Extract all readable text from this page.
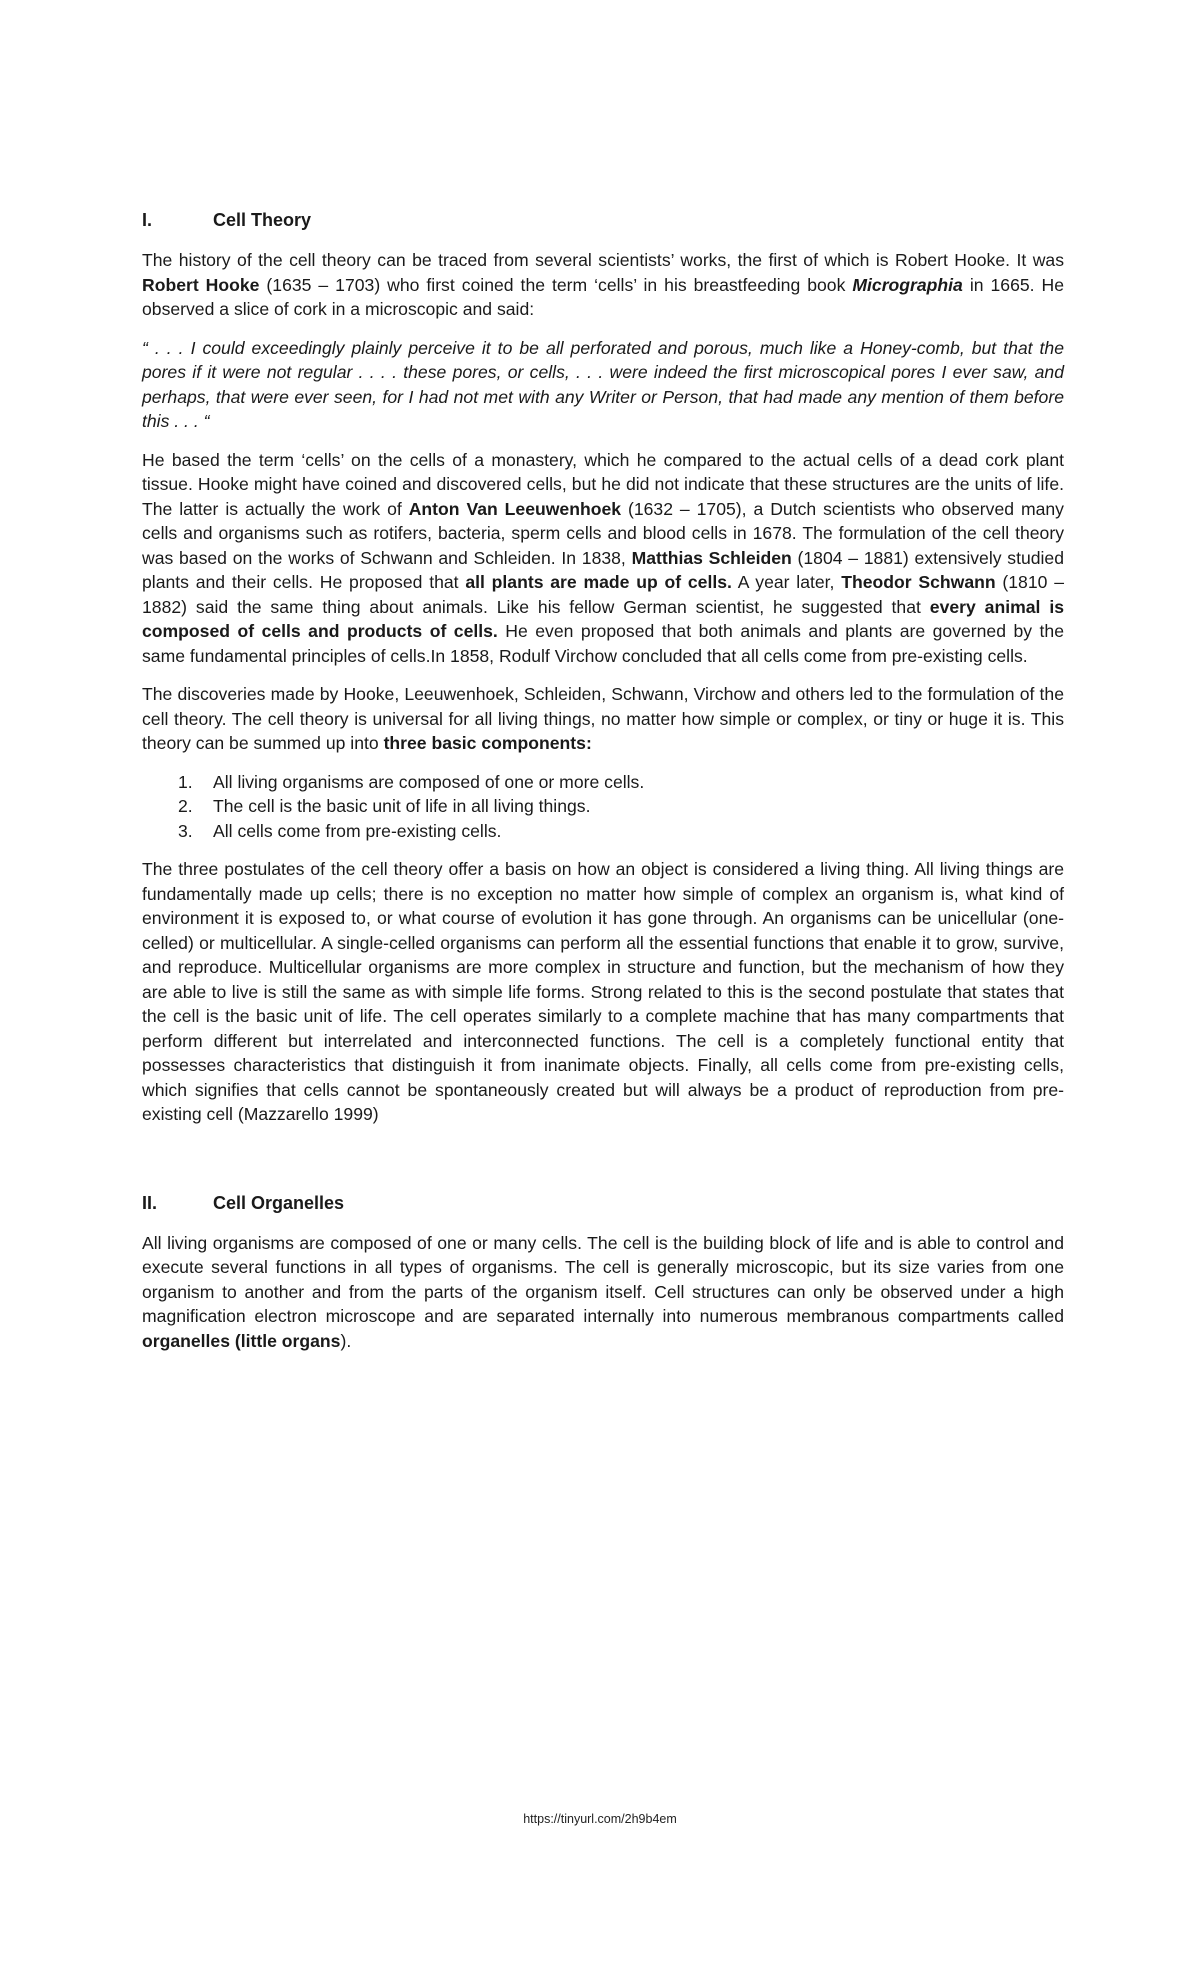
I.	Cell Theory

The history of the cell theory can be traced from several scientists’ works, the first of which is Robert Hooke. It was Robert Hooke (1635 – 1703) who first coined the term ‘cells’ in his breastfeeding book Micrographia in 1665. He observed a slice of cork in a microscopic and said:

“ . . . I could exceedingly plainly perceive it to be all perforated and porous, much like a Honey-comb, but that the pores if it were not regular . . . . these pores, or cells, . . . were indeed the first microscopical pores I ever saw, and perhaps, that were ever seen, for I had not met with any Writer or Person, that had made any mention of them before this . . . “

He based the term ‘cells’ on the cells of a monastery, which he compared to the actual cells of a dead cork plant tissue. Hooke might have coined and discovered cells, but he did not indicate that these structures are the units of life. The latter is actually the work of Anton Van Leeuwenhoek (1632 – 1705), a Dutch scientists who observed many cells and organisms such as rotifers, bacteria, sperm cells and blood cells in 1678. The formulation of the cell theory was based on the works of Schwann and Schleiden. In 1838, Matthias Schleiden (1804 – 1881) extensively studied plants and their cells. He proposed that all plants are made up of cells. A year later, Theodor Schwann (1810 – 1882) said the same thing about animals. Like his fellow German scientist, he suggested that every animal is composed of cells and products of cells. He even proposed that both animals and plants are governed by the same fundamental principles of cells.In 1858, Rodulf Virchow concluded that all cells come from pre-existing cells.

The discoveries made by Hooke, Leeuwenhoek, Schleiden, Schwann, Virchow and others led to the formulation of the cell theory. The cell theory is universal for all living things, no matter how simple or complex, or tiny or huge it is. This theory can be summed up into three basic components:

1.	All living organisms are composed of one or more cells.
2.	The cell is the basic unit of life in all living things.
3.	All cells come from pre-existing cells.

The three postulates of the cell theory offer a basis on how an object is considered a living thing. All living things are fundamentally made up cells; there is no exception no matter how simple of complex an organism is, what kind of environment it is exposed to, or what course of evolution it has gone through. An organisms can be unicellular (one-celled) or multicellular. A single-celled organisms can perform all the essential functions that enable it to grow, survive, and reproduce. Multicellular organisms are more complex in structure and function, but the mechanism of how they are able to live is still the same as with simple life forms. Strong related to this is the second postulate that states that the cell is the basic unit of life. The cell operates similarly to a complete machine that has many compartments that perform different but interrelated and interconnected functions. The cell is a completely functional entity that possesses characteristics that distinguish it from inanimate objects. Finally, all cells come from pre-existing cells, which signifies that cells cannot be spontaneously created but will always be a product of reproduction from pre-existing cell (Mazzarello 1999)

II.	Cell Organelles

All living organisms are composed of one or many cells. The cell is the building block of life and is able to control and execute several functions in all types of organisms. The cell is generally microscopic, but its size varies from one organism to another and from the parts of the organism itself. Cell structures can only be observed under a high magnification electron microscope and are separated internally into numerous membranous compartments called organelles (little organs).

https://tinyurl.com/2h9b4em
